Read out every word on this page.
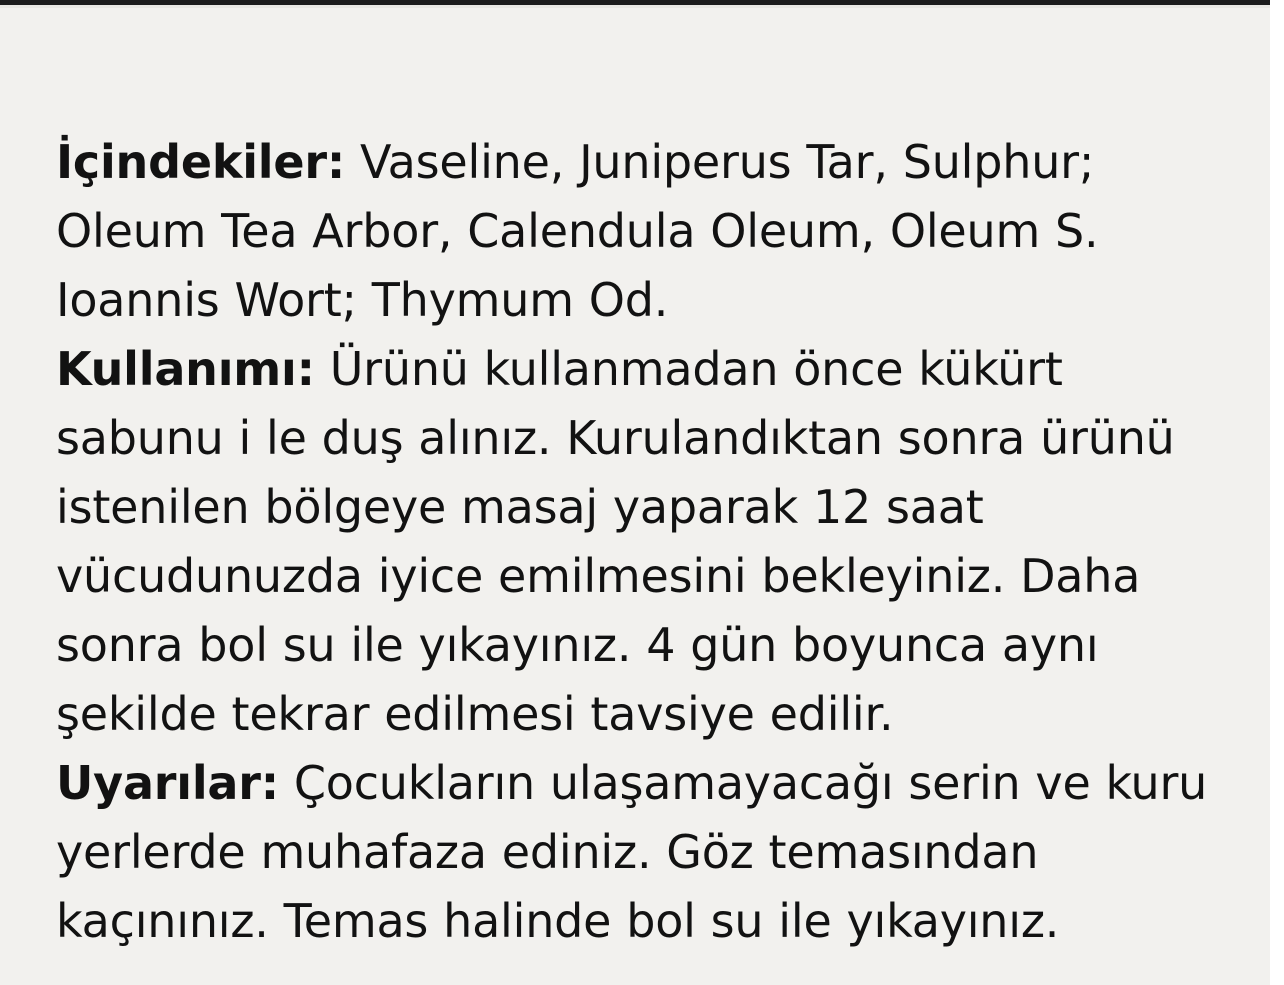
İçindekiler: Vaseline, Juniperus Tar, Sulphur; Oleum Tea Arbor, Calendula Oleum, Oleum S. Ioannis Wort; Thymum Od.

Kullanımı: Ürünü kullanmadan önce kükürt sabunu i le duş alınız. Kurulandıktan sonra ürünü istenilen bölgeye masaj yaparak 12 saat vücudunuzda iyice emilmesini bekleyiniz. Daha sonra bol su ile yıkayınız. 4 gün boyunca aynı şekilde tekrar edilmesi tavsiye edilir.

Uyarılar: Çocukların ulaşamayacağı serin ve kuru yerlerde muhafaza ediniz. Göz temasından kaçınınız. Temas halinde bol su ile yıkayınız.
